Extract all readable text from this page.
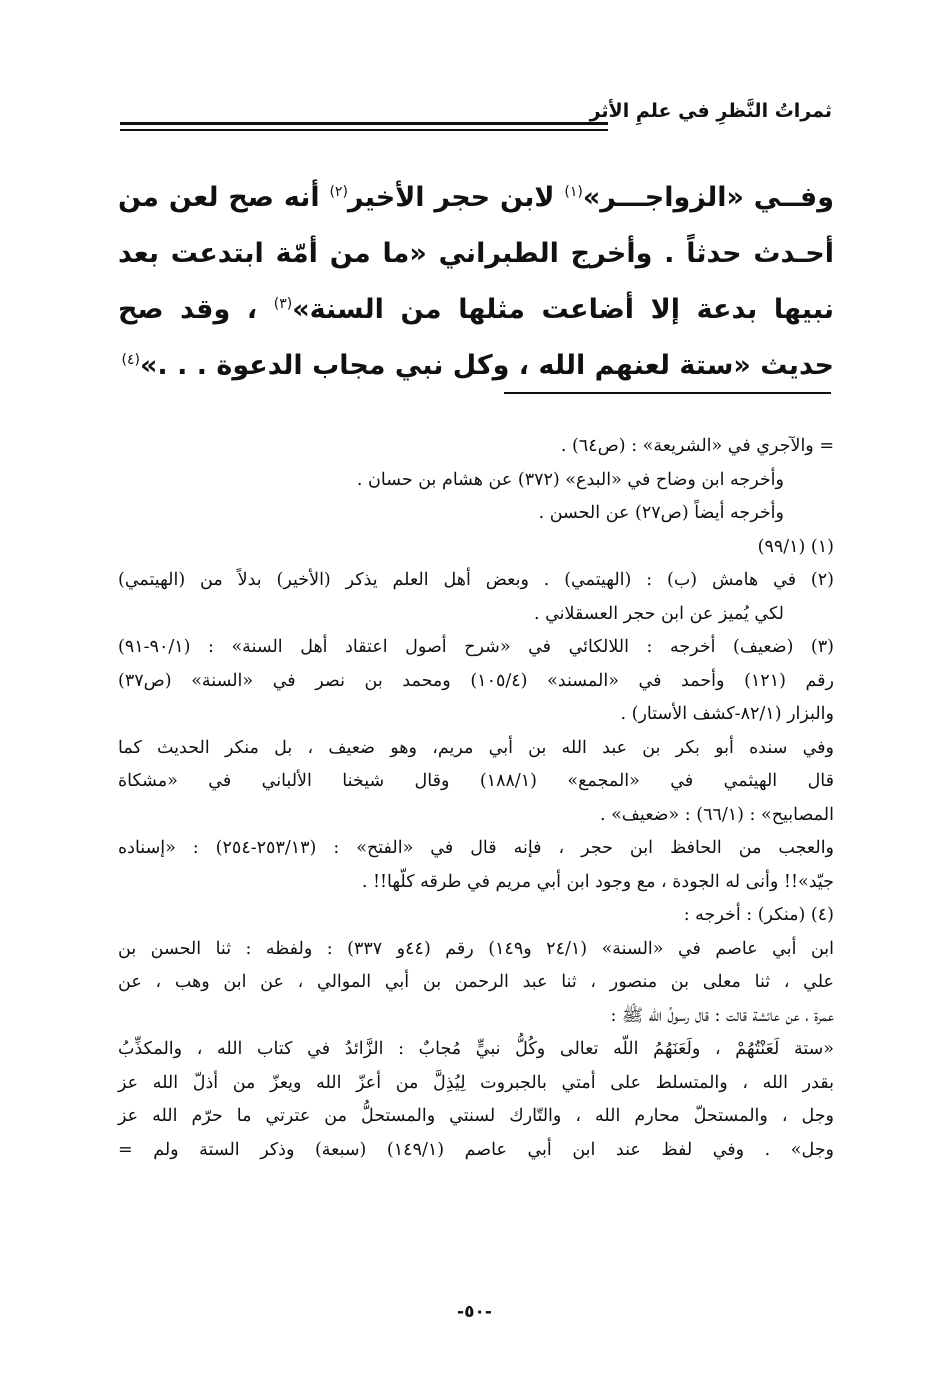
ثمراتُ النَّظرِ في علمِ الأثرِ

وفــي «الزواجـــر»$^{(١)}$ لابن حجر الأخير$^{(٢)}$ أنه صح لعن من أحـدث حدثاً . وأخرج الطبراني «ما من أمّة ابتدعت بعد نبيها بدعة إلا أضاعت مثلها من السنة»$^{(٣)}$ ، وقد صح حديث «ستة لعنهم الله ، وكل نبي مجاب الدعوة . . .»$^{(٤)}$

= والآجري في «الشريعة» : (ص٦٤) .

وأخرجه ابن وضاح في «البدع» (٣٧٢) عن هشام بن حسان .

وأخرجه أيضاً (ص٢٧) عن الحسن .

(١) (٩٩/١)

(٢) في هامش (ب) : (الهيتمي) . وبعض أهل العلم يذكر (الأخير) بدلاً من (الهيتمي)

لكي يُميز عن ابن حجر العسقلاني .

(٣) (ضعيف) أخرجه : اللالكائي في «شرح أصول اعتقاد أهل السنة» : (٩٠/١-٩١)

رقم (١٢١) وأحمد في «المسند» (١٠٥/٤) ومحمد بن نصر في «السنة» (ص٣٧)

والبزار (٨٢/١-كشف الأستار) .

وفي سنده أبو بكر بن عبد الله بن أبي مريم، وهو ضعيف ، بل منكر الحديث كما

قال الهيثمي في «المجمع» (١٨٨/١) وقال شيخنا الألباني في «مشكاة

المصابيح» : (٦٦/١) : «ضعيف» .

والعجب من الحافظ ابن حجر ، فإنه قال في «الفتح» : (٢٥٣/١٣-٢٥٤) : «إسناده

جيّد»!! وأنى له الجودة ، مع وجود ابن أبي مريم في طرقه كلّها!! .

(٤) (منكر) : أخرجه :

ابن أبي عاصم في «السنة» (٢٤/١ و١٤٩) رقم (٤٤و ٣٣٧) : ولفظه : ثنا الحسن بن

علي ، ثنا معلى بن منصور ، ثنا عبد الرحمن بن أبي الموالي ، عن ابن وهب ، عن

عمرة ، عن عائشة قالت : قال رسولُ الله ﷺ :

«ستة لَعَنْتُهُمْ ، ولَعَنَهُمُ اللّه تعالى وكُلُّ نبيٍّ مُجابٌ : الزَّائدُ في كتاب الله ، والمكذِّبُ

بقدر الله ، والمتسلط على أمتي بالجبروت لِيُذِلَّ من أعزّ الله ويعزّ من أذلّ الله عز

وجل ، والمستحلّ محارم الله ، والتّارك لسنتي والمستحلُّ من عترتي ما حرّم الله عز

وجل» . وفي لفظ عند ابن أبي عاصم (١٤٩/١) (سبعة) وذكر الستة ولم =

-٥٠-
